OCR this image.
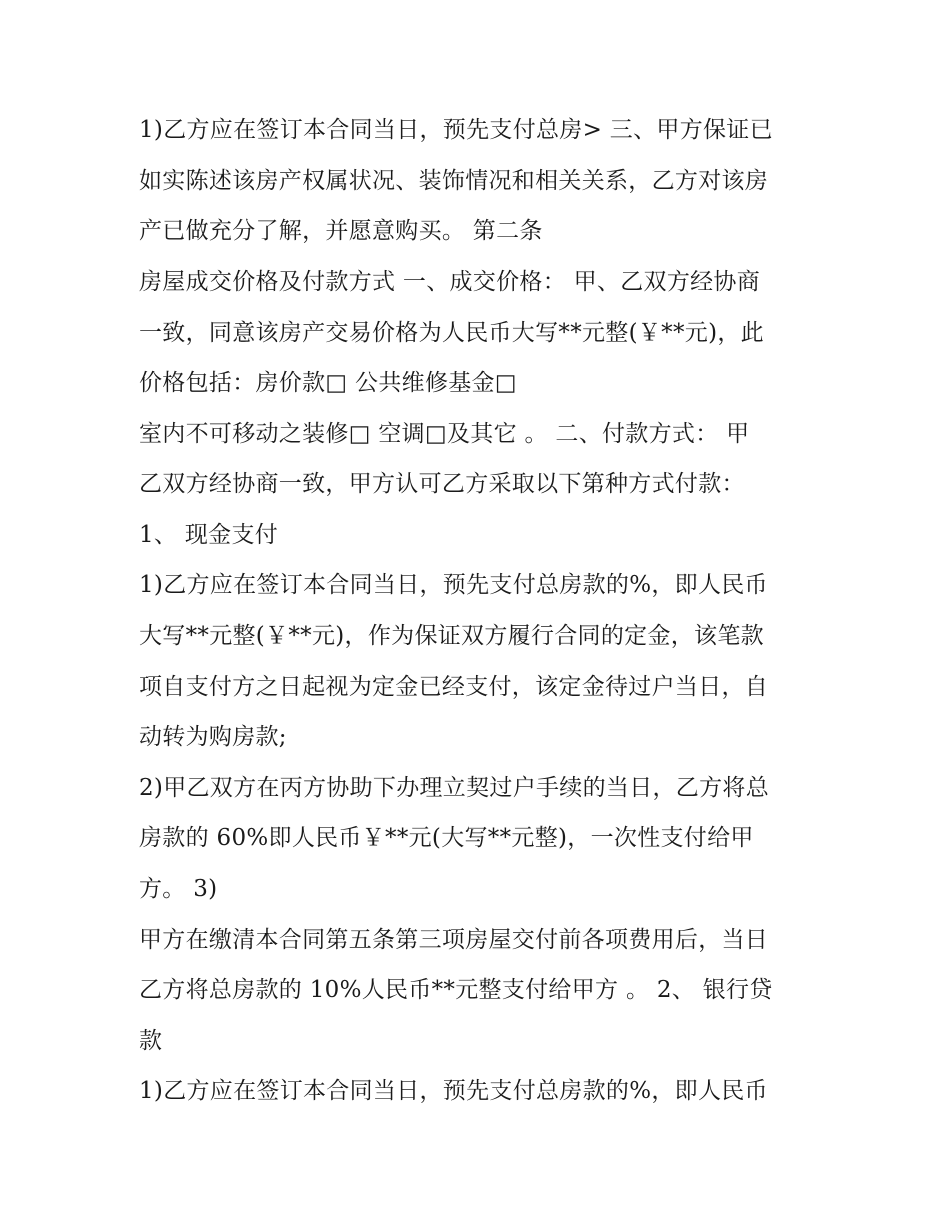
1)乙方应在签订本合同当日，预先支付总房> 三、甲方保证已

如实陈述该房产权属状况、装饰情况和相关关系，乙方对该房

产已做充分了解，并愿意购买。 第二条

房屋成交价格及付款方式 一、成交价格： 甲、乙双方经协商

一致，同意该房产交易价格为人民币大写**元整(￥**元)，此

价格包括：房价款□ 公共维修基金□

室内不可移动之装修□ 空调□及其它 。 二、付款方式： 甲

乙双方经协商一致，甲方认可乙方采取以下第种方式付款：

1、 现金支付

1)乙方应在签订本合同当日，预先支付总房款的%，即人民币

大写**元整(￥**元)，作为保证双方履行合同的定金，该笔款

项自支付方之日起视为定金已经支付，该定金待过户当日，自

动转为购房款;

2)甲乙双方在丙方协助下办理立契过户手续的当日，乙方将总

房款的 60%即人民币￥**元(大写**元整)，一次性支付给甲

方。 3)

甲方在缴清本合同第五条第三项房屋交付前各项费用后，当日

乙方将总房款的 10%人民币**元整支付给甲方 。 2、 银行贷

款

1)乙方应在签订本合同当日，预先支付总房款的%，即人民币
